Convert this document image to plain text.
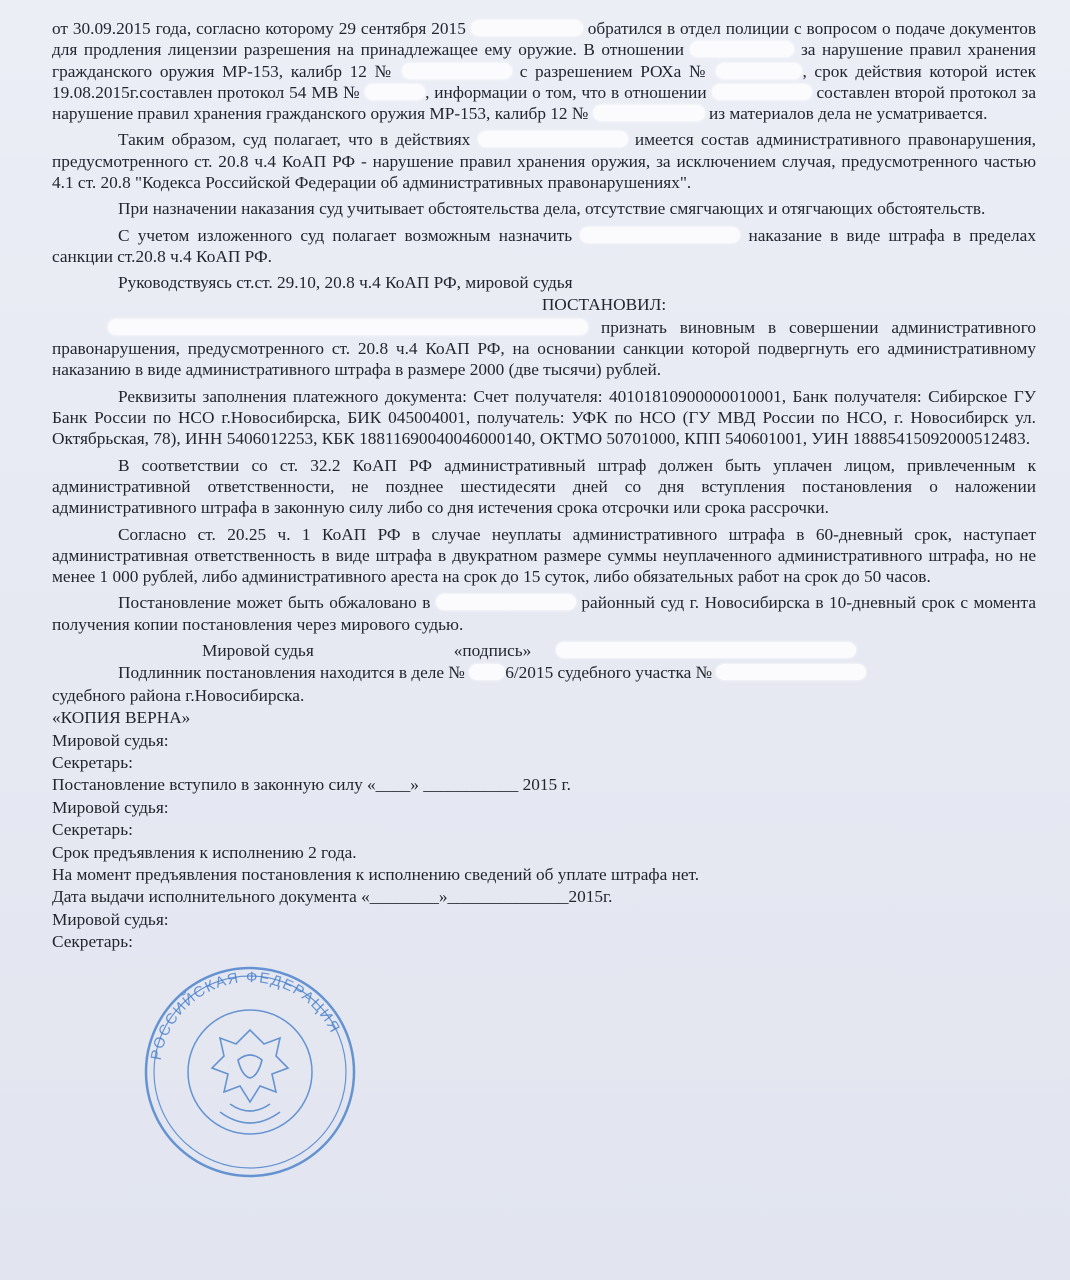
от 30.09.2015 года, согласно которому 29 сентября 2015	обратился в отдел полиции с вопросом о подаче документов для продления лицензии разрешения на принадлежащее ему оружие. В отношении	за нарушение правил хранения гражданского оружия МР-153, калибр 12 №	с разрешением РОХа №	, срок действия которой истек 19.08.2015г.составлен протокол 54 МВ №	, информации о том, что в отношении	составлен второй протокол за нарушение правил хранения гражданского оружия МР-153, калибр 12 №	из материалов дела не усматривается.

Таким образом, суд полагает, что в действиях	имеется состав административного правонарушения, предусмотренного ст. 20.8 ч.4 КоАП РФ - нарушение правил хранения оружия, за исключением случая, предусмотренного частью 4.1 ст. 20.8 "Кодекса Российской Федерации об административных правонарушениях".

При назначении наказания суд учитывает обстоятельства дела, отсутствие смягчающих и отягчающих обстоятельств.

С учетом изложенного суд полагает возможным назначить	наказание в виде штрафа в пределах санкции ст.20.8 ч.4 КоАП РФ.

Руководствуясь ст.ст. 29.10, 20.8 ч.4 КоАП РФ, мировой судья

ПОСТАНОВИЛ:

признать виновным в совершении административного правонарушения, предусмотренного ст. 20.8 ч.4 КоАП РФ, на основании санкции которой подвергнуть его административному наказанию в виде административного штрафа в размере 2000 (две тысячи) рублей.

Реквизиты заполнения платежного документа: Счет получателя: 40101810900000010001, Банк получателя: Сибирское ГУ Банк России по НСО г.Новосибирска, БИК 045004001, получатель: УФК по НСО (ГУ МВД России по НСО, г. Новосибирск ул. Октябрьская, 78), ИНН 5406012253, КБК 18811690040046000140, ОКТМО 50701000, КПП 540601001, УИН 18885415092000512483.

В соответствии со ст. 32.2 КоАП РФ административный штраф должен быть уплачен лицом, привлеченным к административной ответственности, не позднее шестидесяти дней со дня вступления постановления о наложении административного штрафа в законную силу либо со дня истечения срока отсрочки или срока рассрочки.

Согласно ст. 20.25 ч. 1 КоАП РФ в случае неуплаты административного штрафа в 60-дневный срок, наступает административная ответственность в виде штрафа в двукратном размере суммы неуплаченного административного штрафа, но не менее 1 000 рублей, либо административного ареста на срок до 15 суток, либо обязательных работ на срок до 50 часов.

Постановление может быть обжаловано в	районный суд г. Новосибирска в 10-дневный срок с момента получения копии постановления через мирового судью.

Мировой судья	«подпись»

Подлинник постановления находится в деле № 6/2015 судебного участка №

судебного района г.Новосибирска.

«КОПИЯ ВЕРНА»

Мировой судья:

Секретарь:

Постановление вступило в законную силу «____» ___________ 2015 г.

Мировой судья:

Секретарь:

Срок предъявления к исполнению 2 года.

На момент предъявления постановления к исполнению сведений об уплате штрафа нет.

Дата выдачи исполнительного документа «________»______________2015г.

Мировой судья:

Секретарь:

РОССИЙСКАЯ ФЕДЕРАЦИЯ
